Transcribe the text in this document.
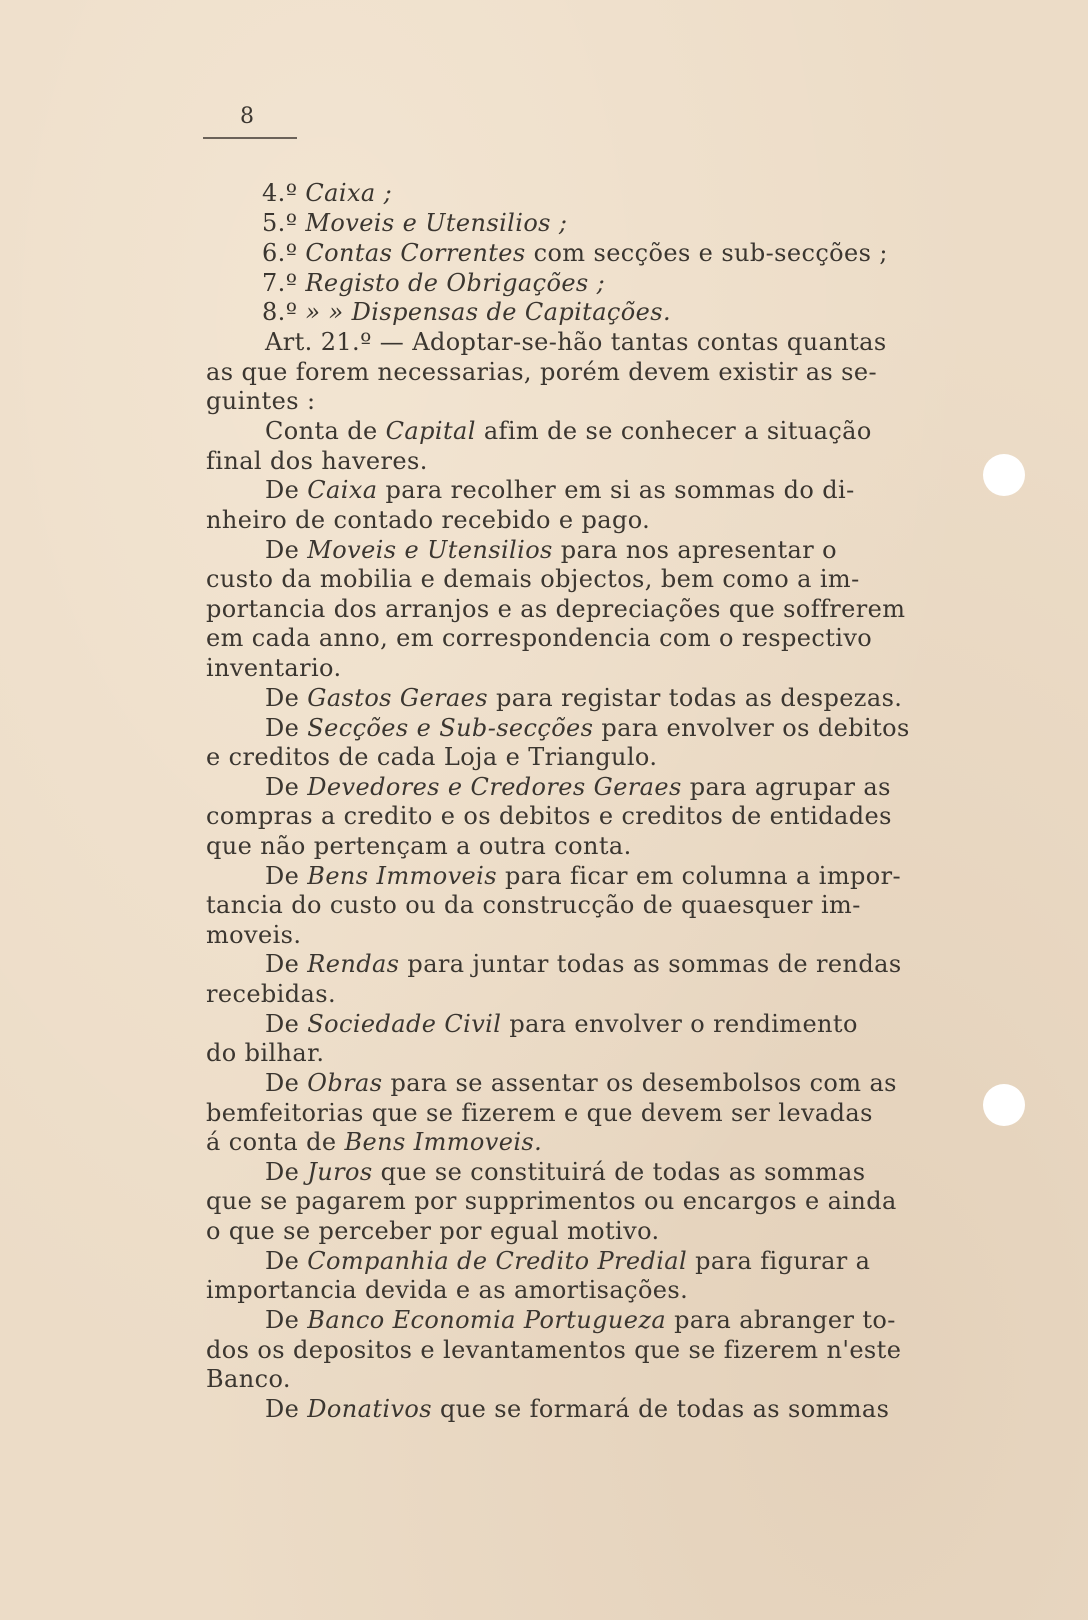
8
4.º Caixa ;
5.º Moveis e Utensilios ;
6.º Contas Correntes com secções e sub-secções ;
7.º Registo de Obrigações ;
8.º » » Dispensas de Capitações.
Art. 21.º — Adoptar-se-hão tantas contas quantas
as que forem necessarias, porém devem existir as se-
guintes :
Conta de Capital afim de se conhecer a situação
final dos haveres.
De Caixa para recolher em si as sommas do di-
nheiro de contado recebido e pago.
De Moveis e Utensilios para nos apresentar o
custo da mobilia e demais objectos, bem como a im-
portancia dos arranjos e as depreciações que soffrerem
em cada anno, em correspondencia com o respectivo
inventario.
De Gastos Geraes para registar todas as despezas.
De Secções e Sub-secções para envolver os debitos
e creditos de cada Loja e Triangulo.
De Devedores e Credores Geraes para agrupar as
compras a credito e os debitos e creditos de entidades
que não pertençam a outra conta.
De Bens Immoveis para ficar em columna a impor-
tancia do custo ou da construcção de quaesquer im-
moveis.
De Rendas para juntar todas as sommas de rendas
recebidas.
De Sociedade Civil para envolver o rendimento
do bilhar.
De Obras para se assentar os desembolsos com as
bemfeitorias que se fizerem e que devem ser levadas
á conta de Bens Immoveis.
De Juros que se constituirá de todas as sommas
que se pagarem por supprimentos ou encargos e ainda
o que se perceber por egual motivo.
De Companhia de Credito Predial para figurar a
importancia devida e as amortisações.
De Banco Economia Portugueza para abranger to-
dos os depositos e levantamentos que se fizerem n'este
Banco.
De Donativos que se formará de todas as sommas
